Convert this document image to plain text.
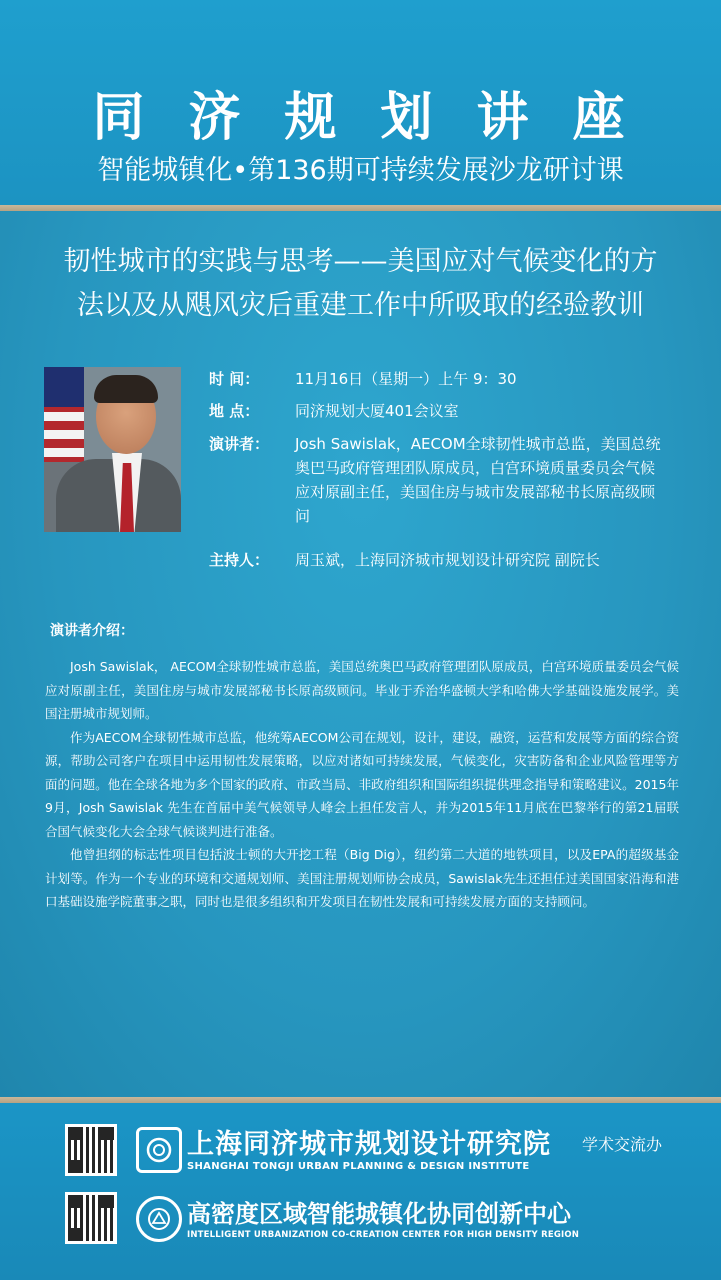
同济规划讲座
智能城镇化•第136期可持续发展沙龙研讨课
韧性城市的实践与思考——美国应对气候变化的方
法以及从飓风灾后重建工作中所吸取的经验教训
时 间：	11月16日（星期一）上午 9：30
地 点：	同济规划大厦401会议室
演讲者：	Josh Sawislak，AECOM全球韧性城市总监，美国总统奥巴马政府管理团队原成员，白宫环境质量委员会气候应对原副主任，美国住房与城市发展部秘书长原高级顾问
主持人：	周玉斌，上海同济城市规划设计研究院 副院长
演讲者介绍：

Josh Sawislak， AECOM全球韧性城市总监，美国总统奥巴马政府管理团队原成员，白宫环境质量委员会气候应对原副主任，美国住房与城市发展部秘书长原高级顾问。毕业于乔治华盛顿大学和哈佛大学基础设施发展学。美国注册城市规划师。

作为AECOM全球韧性城市总监，他统筹AECOM公司在规划，设计，建设，融资，运营和发展等方面的综合资源，帮助公司客户在项目中运用韧性发展策略，以应对诸如可持续发展，气候变化，灾害防备和企业风险管理等方面的问题。他在全球各地为多个国家的政府、市政当局、非政府组织和国际组织提供理念指导和策略建议。2015年9月，Josh Sawislak 先生在首届中美气候领导人峰会上担任发言人，并为2015年11月底在巴黎举行的第21届联合国气候变化大会全球气候谈判进行准备。

他曾担纲的标志性项目包括波士顿的大开挖工程（Big Dig），纽约第二大道的地铁项目，以及EPA的超级基金计划等。作为一个专业的环境和交通规划师、美国注册规划师协会成员，Sawislak先生还担任过美国国家沿海和港口基础设施学院董事之职，同时也是很多组织和开发项目在韧性发展和可持续发展方面的支持顾问。

上海同济城市规划设计研究院
SHANGHAI TONGJI URBAN PLANNING & DESIGN INSTITUTE
学术交流办
高密度区域智能城镇化协同创新中心
INTELLIGENT URBANIZATION CO-CREATION CENTER FOR HIGH DENSITY REGION
